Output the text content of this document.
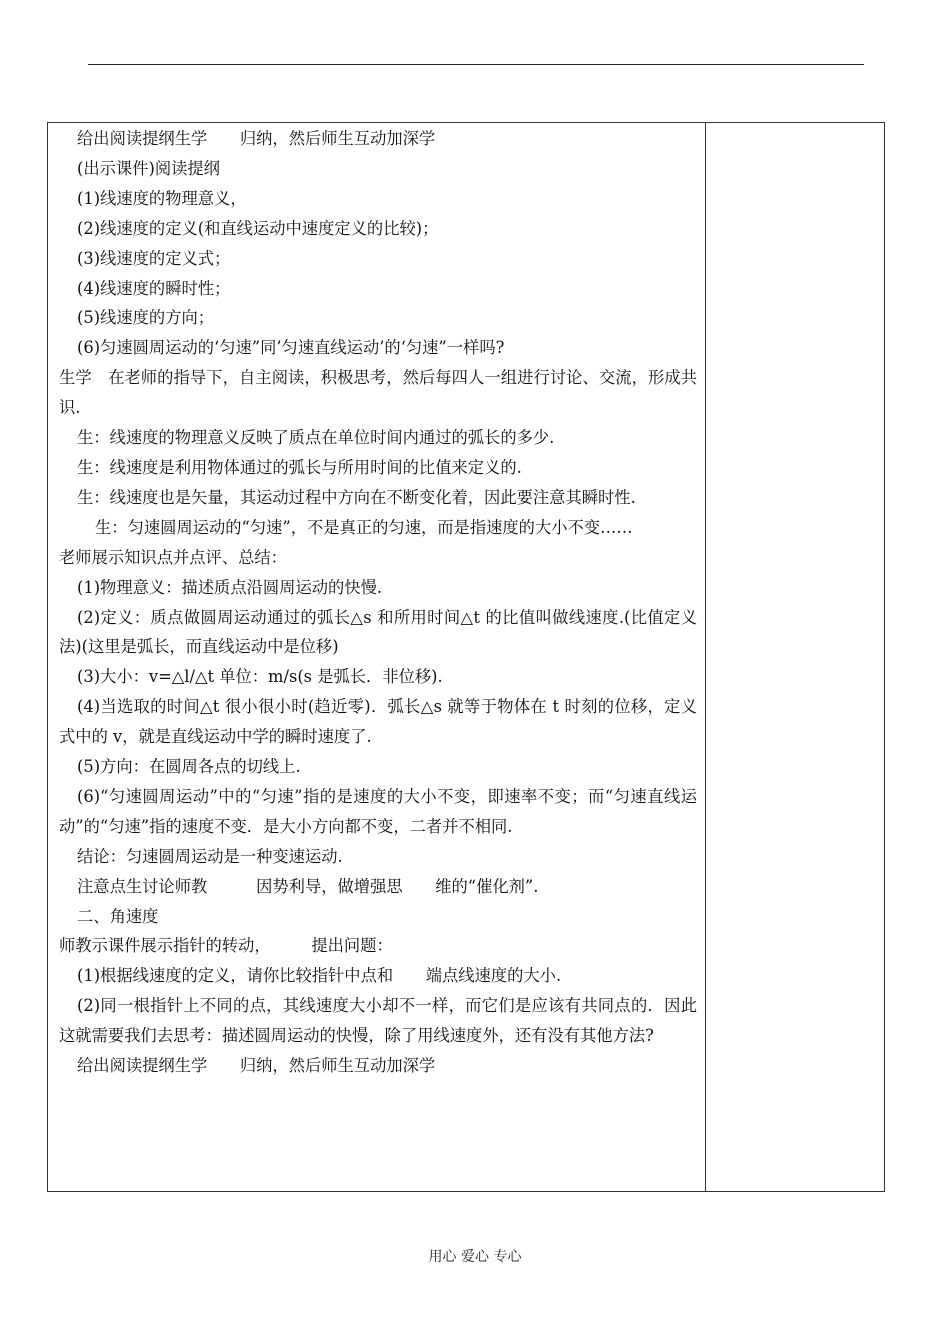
给出阅读提纲生学　　归纳，然后师生互动加深学

(出示课件)阅读提纲

(1)线速度的物理意义，

(2)线速度的定义(和直线运动中速度定义的比较)；

(3)线速度的定义式；

(4)线速度的瞬时性；

(5)线速度的方向；

(6)匀速圆周运动的‘匀速”同’匀速直线运动’的‘匀速”一样吗?

生学　在老师的指导下，自主阅读，积极思考，然后每四人一组进行讨论、交流，形成共识.

生：线速度的物理意义反映了质点在单位时间内通过的弧长的多少.

生：线速度是利用物体通过的弧长与所用时间的比值来定义的.

生：线速度也是矢量，其运动过程中方向在不断变化着，因此要注意其瞬时性.

生：匀速圆周运动的“匀速”，不是真正的匀速，而是指速度的大小不变……

老师展示知识点并点评、总结：

(1)物理意义：描述质点沿圆周运动的快慢.

(2)定义：质点做圆周运动通过的弧长△s 和所用时间△t 的比值叫做线速度.(比值定义法)(这里是弧长，而直线运动中是位移)

(3)大小：v=△l/△t 单位：m/s(s 是弧长．非位移).

(4)当选取的时间△t 很小很小时(趋近零)．弧长△s 就等于物体在 t 时刻的位移，定义式中的 v，就是直线运动中学的瞬时速度了.

(5)方向：在圆周各点的切线上.

(6)“匀速圆周运动”中的“匀速”指的是速度的大小不变，即速率不变；而“匀速直线运动”的“匀速”指的速度不变．是大小方向都不变，二者并不相同.

结论：匀速圆周运动是一种变速运动.

注意点生讨论师教　　　因势利导，做增强思　　维的“催化剂”.

二、角速度

师教示课件展示指针的转动，　　　提出问题：

(1)根据线速度的定义，请你比较指针中点和　　端点线速度的大小.

(2)同一根指针上不同的点，其线速度大小却不一样，而它们是应该有共同点的．因此这就需要我们去思考：描述圆周运动的快慢，除了用线速度外，还有没有其他方法?

给出阅读提纲生学　　归纳，然后师生互动加深学

用心 爱心 专心
